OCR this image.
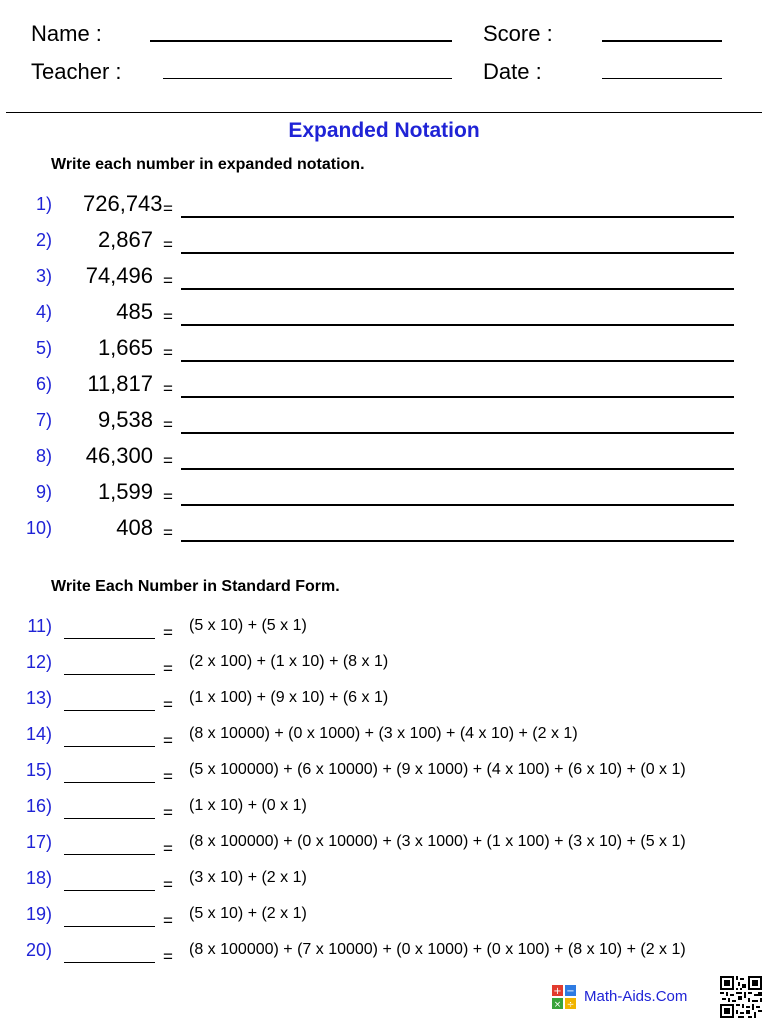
Name :	Score :
Teacher :	Date :
Expanded Notation
Write each number in expanded notation.
1) 726,743 =
2)	2,867 =
3) 74,496 =
4)	485 =
5)	1,665 =
6) 11,817 =
7)	9,538 =
8) 46,300 =
9)	1,599 =
10)	408 =
Write Each Number in Standard Form.
11)	= (5 x 10) + (5 x 1)
12)	= (2 x 100) + (1 x 10) + (8 x 1)
13)	= (1 x 100) + (9 x 10) + (6 x 1)
14)	= (8 x 10000) + (0 x 1000) + (3 x 100) + (4 x 10) + (2 x 1)
15)	= (5 x 100000) + (6 x 10000) + (9 x 1000) + (4 x 100) + (6 x 10) + (0 x 1)
16)	= (1 x 10) + (0 x 1)
17)	= (8 x 100000) + (0 x 10000) + (3 x 1000) + (1 x 100) + (3 x 10) + (5 x 1)
18)	= (3 x 10) + (2 x 1)
19)	= (5 x 10) + (2 x 1)
20)	= (8 x 100000) + (7 x 10000) + (0 x 1000) + (0 x 100) + (8 x 10) + (2 x 1)
+ −
× ÷ Math-Aids.Com
